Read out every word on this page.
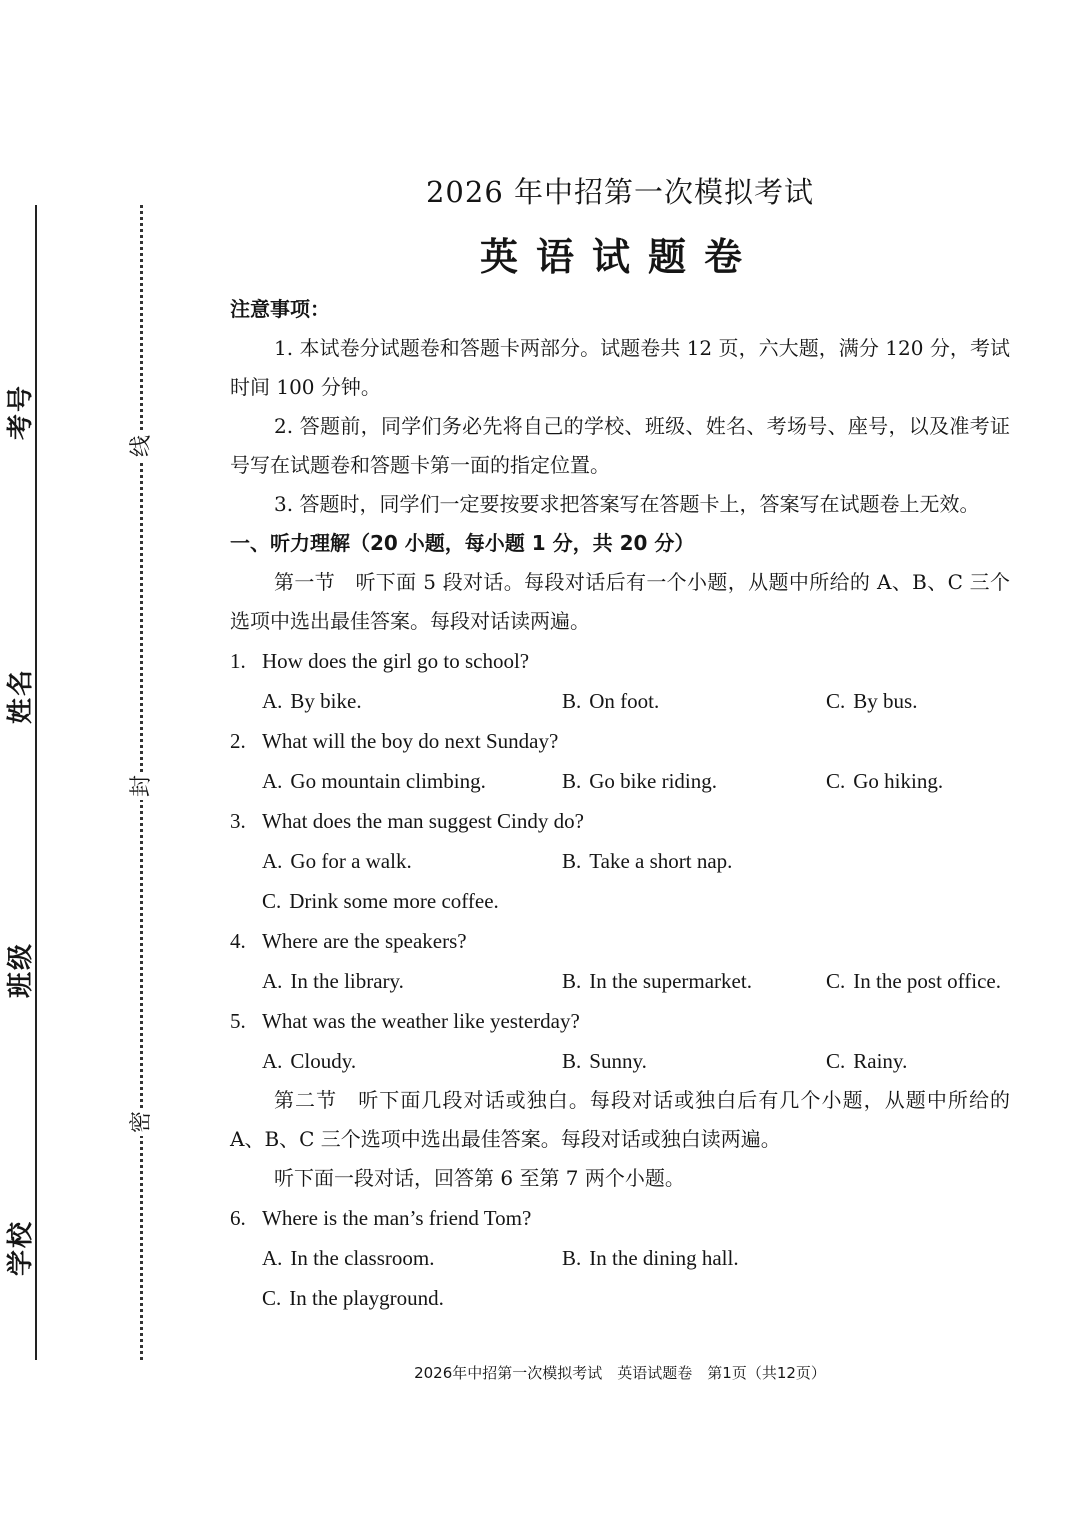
考号
姓名
班级
学校
线
封
密
2026 年中招第一次模拟考试
英语试题卷
注意事项：

1. 本试卷分试题卷和答题卡两部分。试题卷共 12 页，六大题，满分 120 分，考试时间 100 分钟。

2. 答题前，同学们务必先将自己的学校、班级、姓名、考场号、座号，以及准考证号写在试题卷和答题卡第一面的指定位置。

3. 答题时，同学们一定要按要求把答案写在答题卡上，答案写在试题卷上无效。

一、听力理解（20 小题，每小题 1 分，共 20 分）

第一节　听下面 5 段对话。每段对话后有一个小题，从题中所给的 A、B、C 三个选项中选出最佳答案。每段对话读两遍。

1. How does the girl go to school?
A. By bike.	B. On foot.	C. By bus.
2. What will the boy do next Sunday?
A. Go mountain climbing.	B. Go bike riding.	C. Go hiking.
3. What does the man suggest Cindy do?
A. Go for a walk.	B. Take a short nap.
C. Drink some more coffee.
4. Where are the speakers?
A. In the library.	B. In the supermarket.	C. In the post office.
5. What was the weather like yesterday?
A. Cloudy.	B. Sunny.	C. Rainy.

第二节　听下面几段对话或独白。每段对话或独白后有几个小题，从题中所给的 A、B、C 三个选项中选出最佳答案。每段对话或独白读两遍。

听下面一段对话，回答第 6 至第 7 两个小题。

6. Where is the man’s friend Tom?
A. In the classroom.	B. In the dining hall.
C. In the playground.
2026年中招第一次模拟考试　英语试题卷　第1页（共12页）
